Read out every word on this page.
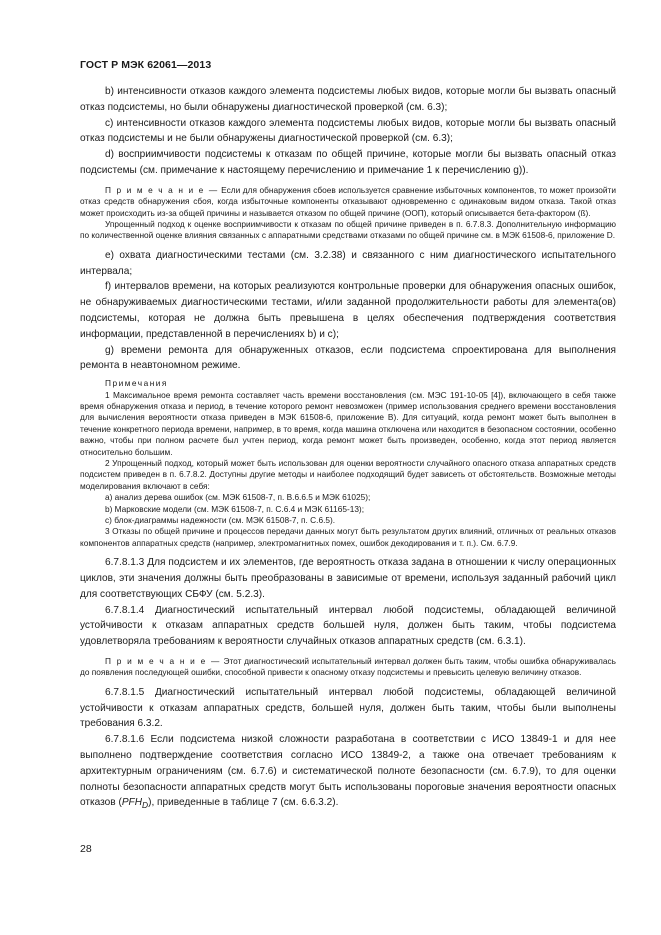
ГОСТ Р МЭК 62061—2013

b) интенсивности отказов каждого элемента подсистемы любых видов, которые могли бы вызвать опасный отказ подсистемы, но были обнаружены диагностической проверкой (см. 6.3);

c) интенсивности отказов каждого элемента подсистемы любых видов, которые могли бы вызвать опасный отказ подсистемы и не были обнаружены диагностической проверкой (см. 6.3);

d) восприимчивости подсистемы к отказам по общей причине, которые могли бы вызвать опасный отказ подсистемы (см. примечание к настоящему перечислению и примечание 1 к перечислению g)).

П р и м е ч а н и е — Если для обнаружения сбоев используется сравнение избыточных компонентов, то может произойти отказ средств обнаружения сбоя, когда избыточные компоненты отказывают одновременно с одинаковым видом отказа. Такой отказ может происходить из-за общей причины и называется отказом по общей причине (ООП), который описывается бета-фактором (ß).

Упрощенный подход к оценке восприимчивости к отказам по общей причине приведен в п. 6.7.8.3. Дополнительную информацию по количественной оценке влияния связанных с аппаратными средствами отказами по общей причине см. в МЭК 61508-6, приложение D.

e) охвата диагностическими тестами (см. 3.2.38) и связанного с ним диагностического испытательного интервала;

f) интервалов времени, на которых реализуются контрольные проверки для обнаружения опасных ошибок, не обнаруживаемых диагностическими тестами, и/или заданной продолжительности работы для элемента(ов) подсистемы, которая не должна быть превышена в целях обеспечения подтверждения соответствия информации, представленной в перечислениях b) и c);

g) времени ремонта для обнаруженных отказов, если подсистема спроектирована для выполнения ремонта в неавтономном режиме.

Примечания

1 Максимальное время ремонта составляет часть времени восстановления (см. МЭС 191-10-05 [4]), включающего в себя также время обнаружения отказа и период, в течение которого ремонт невозможен (пример использования среднего времени восстановления для вычисления вероятности отказа приведен в МЭК 61508-6, приложение B). Для ситуаций, когда ремонт может быть выполнен в течение конкретного периода времени, например, в то время, когда машина отключена или находится в безопасном состоянии, особенно важно, чтобы при полном расчете был учтен период, когда ремонт может быть произведен, особенно, когда этот период является относительно большим.

2 Упрощенный подход, который может быть использован для оценки вероятности случайного опасного отказа аппаратных средств подсистем приведен в п. 6.7.8.2. Доступны другие методы и наиболее подходящий будет зависеть от обстоятельств. Возможные методы моделирования включают в себя:

a) анализ дерева ошибок (см. МЭК 61508-7, п. B.6.6.5 и МЭК 61025);

b) Марковские модели (см. МЭК 61508-7, п. C.6.4 и МЭК 61165-13);

c) блок-диаграммы надежности (см. МЭК 61508-7, п. C.6.5).

3 Отказы по общей причине и процессов передачи данных могут быть результатом других влияний, отличных от реальных отказов компонентов аппаратных средств (например, электромагнитных помех, ошибок декодирования и т. п.). См. 6.7.9.

6.7.8.1.3 Для подсистем и их элементов, где вероятность отказа задана в отношении к числу операционных циклов, эти значения должны быть преобразованы в зависимые от времени, используя заданный рабочий цикл для соответствующих СБФУ (см. 5.2.3).

6.7.8.1.4 Диагностический испытательный интервал любой подсистемы, обладающей величиной устойчивости к отказам аппаратных средств большей нуля, должен быть таким, чтобы подсистема удовлетворяла требованиям к вероятности случайных отказов аппаратных средств (см. 6.3.1).

П р и м е ч а н и е — Этот диагностический испытательный интервал должен быть таким, чтобы ошибка обнаруживалась до появления последующей ошибки, способной привести к опасному отказу подсистемы и превысить целевую величину отказов.

6.7.8.1.5 Диагностический испытательный интервал любой подсистемы, обладающей величиной устойчивости к отказам аппаратных средств, большей нуля, должен быть таким, чтобы были выполнены требования 6.3.2.

6.7.8.1.6 Если подсистема низкой сложности разработана в соответствии с ИСО 13849-1 и для нее выполнено подтверждение соответствия согласно ИСО 13849-2, а также она отвечает требованиям к архитектурным ограничениям (см. 6.7.6) и систематической полноте безопасности (см. 6.7.9), то для оценки полноты безопасности аппаратных средств могут быть использованы пороговые значения вероятности опасных отказов $(PFH_D)$, приведенные в таблице 7 (см. 6.6.3.2).

28
